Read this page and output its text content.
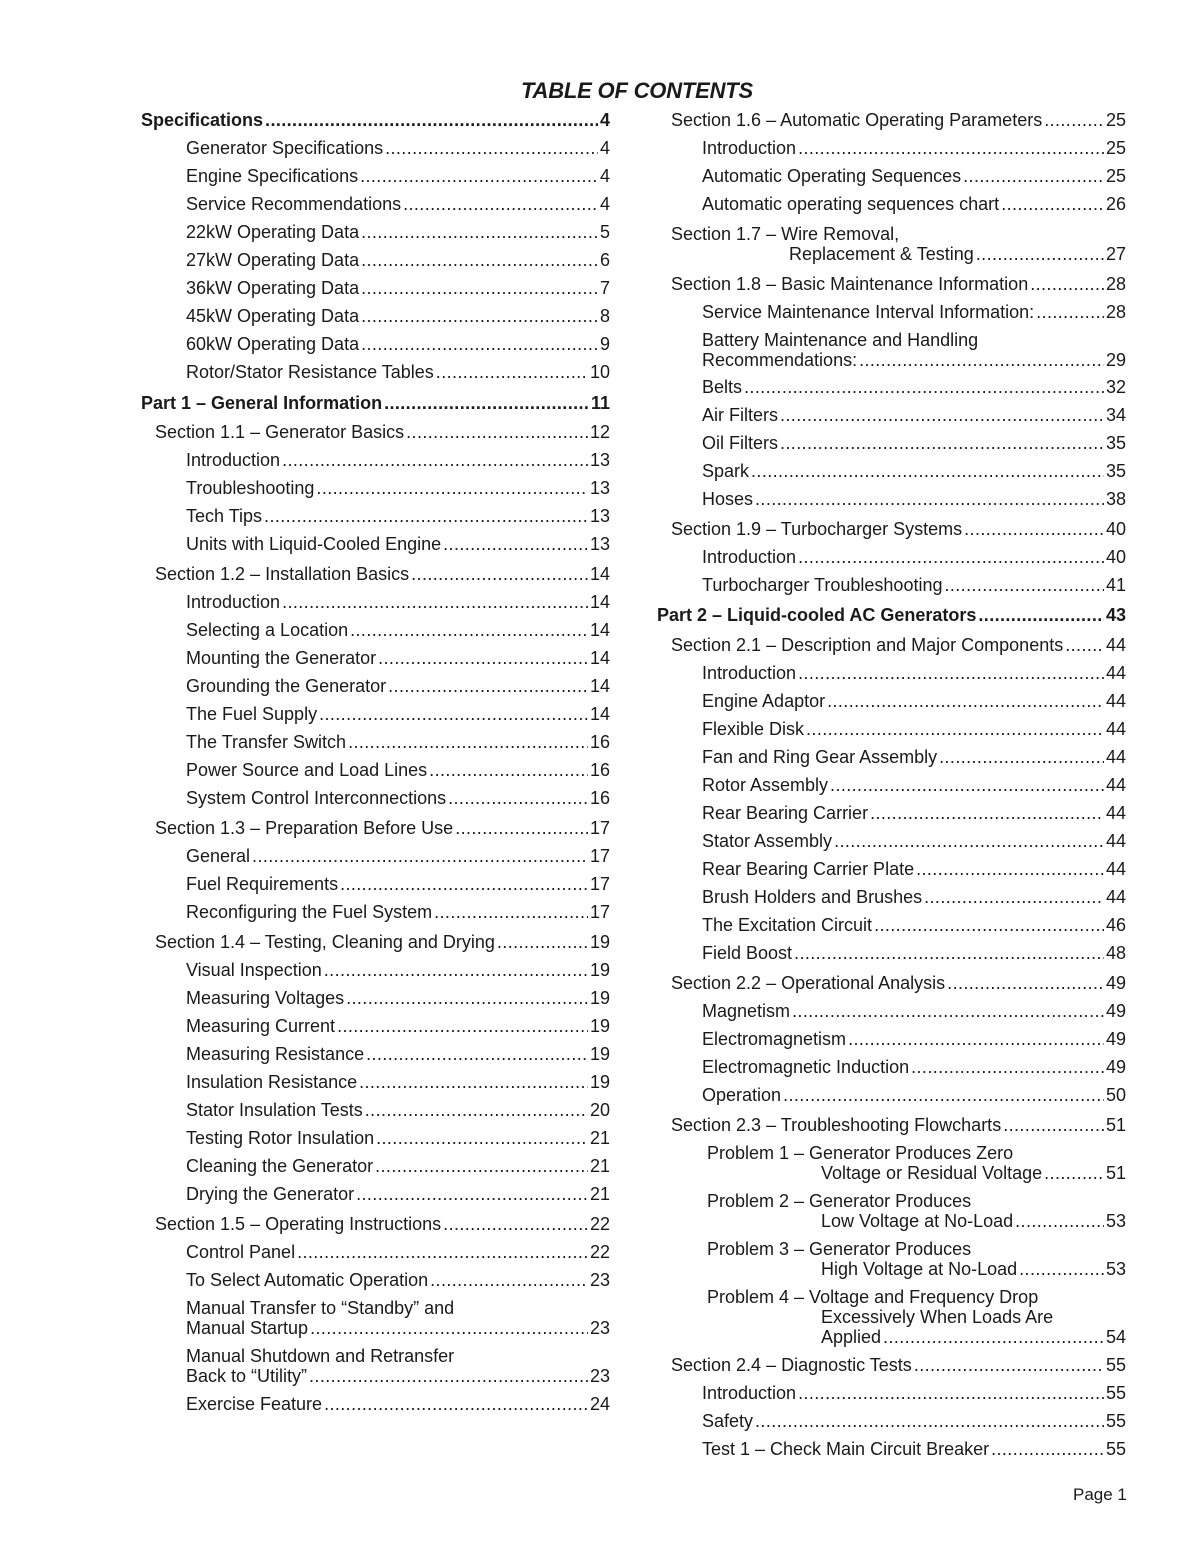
TABLE OF CONTENTS
Specifications .....	4
Generator Specifications .....	4
Engine Specifications .....	4
Service Recommendations .....	4
22kW Operating Data .....	5
27kW Operating Data .....	6
36kW Operating Data .....	7
45kW Operating Data .....	8
60kW Operating Data .....	9
Rotor/Stator Resistance Tables .....	10
Part 1 – General Information .....	11
Section 1.1 – Generator Basics .....	12
Introduction .....	13
Troubleshooting .....	13
Tech Tips .....	13
Units with Liquid-Cooled Engine .....	13
Section 1.2 – Installation Basics .....	14
Introduction .....	14
Selecting a Location .....	14
Mounting the Generator .....	14
Grounding the Generator .....	14
The Fuel Supply .....	14
The Transfer Switch .....	16
Power Source and Load Lines .....	16
System Control Interconnections .....	16
Section 1.3 – Preparation Before Use .....	17
General .....	17
Fuel Requirements .....	17
Reconfiguring the Fuel System .....	17
Section 1.4 – Testing, Cleaning and Drying .....	19
Visual Inspection .....	19
Measuring Voltages .....	19
Measuring Current .....	19
Measuring Resistance .....	19
Insulation Resistance .....	19
Stator Insulation Tests .....	20
Testing Rotor Insulation .....	21
Cleaning the Generator .....	21
Drying the Generator .....	21
Section 1.5 – Operating Instructions .....	22
Control Panel .....	22
To Select Automatic Operation .....	23
Manual Transfer to “Standby” and
Manual Startup .....	23
Manual Shutdown and Retransfer
Back to “Utility” .....	23
Exercise Feature .....	24
Section 1.6 – Automatic Operating Parameters .....	25
Introduction .....	25
Automatic Operating Sequences .....	25
Automatic operating sequences chart .....	26
Section 1.7 – Wire Removal,
Replacement & Testing .....	27
Section 1.8 – Basic Maintenance Information .....	28
Service Maintenance Interval Information: .....	28
Battery Maintenance and Handling
Recommendations: .....	29
Belts .....	32
Air Filters .....	34
Oil Filters .....	35
Spark .....	35
Hoses .....	38
Section 1.9 – Turbocharger Systems .....	40
Introduction .....	40
Turbocharger Troubleshooting .....	41
Part 2 – Liquid-cooled AC Generators .....	43
Section 2.1 – Description and Major Components ..... 44
Introduction .....	44
Engine Adaptor .....	44
Flexible Disk .....	44
Fan and Ring Gear Assembly .....	44
Rotor Assembly .....	44
Rear Bearing Carrier .....	44
Stator Assembly .....	44
Rear Bearing Carrier Plate .....	44
Brush Holders and Brushes .....	44
The Excitation Circuit .....	46
Field Boost .....	48
Section 2.2 – Operational Analysis .....	49
Magnetism .....	49
Electromagnetism .....	49
Electromagnetic Induction .....	49
Operation .....	50
Section 2.3 – Troubleshooting Flowcharts .....	51
Problem 1 – Generator Produces Zero
Voltage or Residual Voltage .....	51
Problem 2 – Generator Produces
Low Voltage at No-Load .....	53
Problem 3 – Generator Produces
High Voltage at No-Load .....	53
Problem 4 – Voltage and Frequency Drop
Excessively When Loads Are
Applied .....	54
Section 2.4 – Diagnostic Tests .....	55
Introduction .....	55
Safety .....	55
Test 1 – Check Main Circuit Breaker .....	55
Page 1
